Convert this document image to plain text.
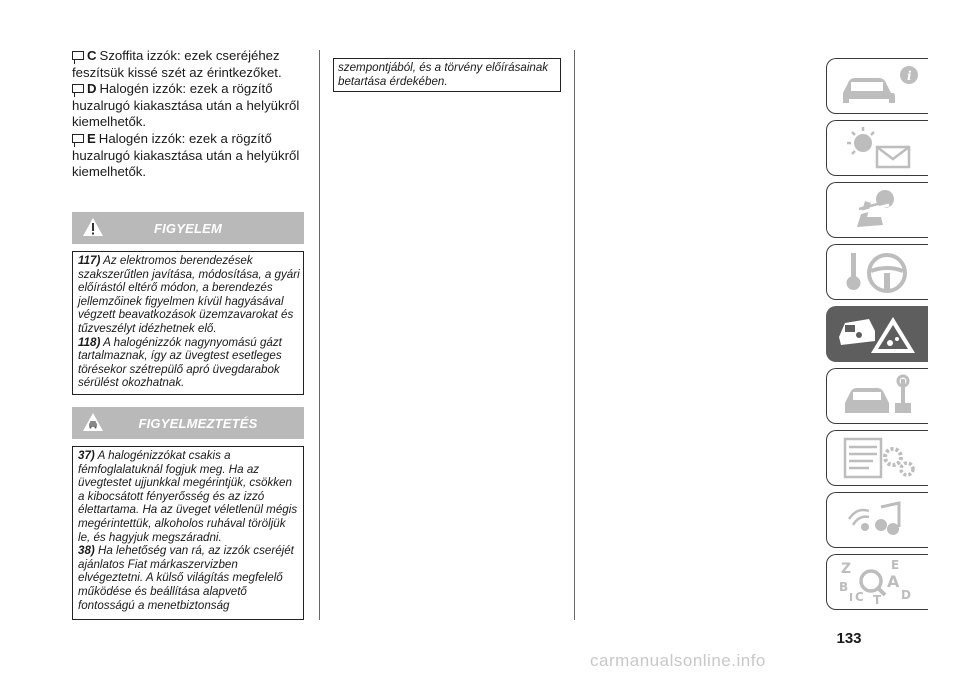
C Szoffita izzók: ezek cseréjéhez
feszítsük kissé szét az érintkezőket.

D Halogén izzók: ezek a rögzítő
huzalrugó kiakasztása után a helyükről kiemelhetők.

E Halogén izzók: ezek a rögzítő
huzalrugó kiakasztása után a helyükről kiemelhetők.

FIGYELEM

117) Az elektromos berendezések szakszerűtlen javítása, módosítása, a gyári előírástól eltérő módon, a berendezés jellemzőinek figyelmen kívül hagyásával végzett beavatkozások üzemzavarokat és tűzveszélyt idézhetnek elő.

118) A halogénizzók nagynyomású gázt tartalmaznak, így az üvegtest esetleges törésekor szétrepülő apró üvegdarabok sérülést okozhatnak.

FIGYELMEZTETÉS

37) A halogénizzókat csakis a fémfoglalatuknál fogjuk meg. Ha az üvegtestet ujjunkkal megérintjük, csökken a kibocsátott fényerősség és az izzó élettartama. Ha az üveget véletlenül mégis megérintettük, alkoholos ruhával töröljük le, és hagyjuk megszáradni.

38) Ha lehetőség van rá, az izzók cseréjét ajánlatos Fiat márkaszervizben elvégeztetni. A külső világítás megfelelő működése és beállítása alapvető fontosságú a menetbiztonság

szempontjából, és a törvény előírásainak betartása érdekében.	i
Z	E
A
B
C	D
T
I
133
carmanualsonline.info
